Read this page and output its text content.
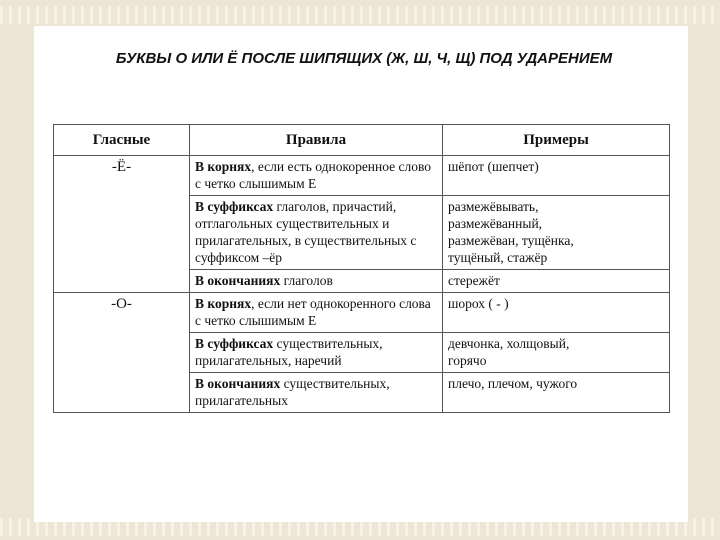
БУКВЫ О ИЛИ Ё ПОСЛЕ ШИПЯЩИХ (Ж, Ш, Ч, Щ) ПОД УДАРЕНИЕМ
Гласные	Правила	Примеры
-Ё-	В корнях, если есть однокоренное слово с четко слышимым Е	шёпот (шепчет)
	В суффиксах глаголов, причастий, отглагольных существительных и прилагательных, в существительных с суффиксом –ёр	размежёвывать,
размежёванный,
размежёван, тущёнка,
тущёный, стажёр

	В окончаниях глаголов	стережёт
-О-	В корнях, если нет однокоренного слова с четко слышимым Е	шорох ( - )
	В суффиксах существительных, прилагательных, наречий	девчонка, холщовый,
горячо

	В окончаниях существительных, прилагательных	плечо, плечом, чужого
